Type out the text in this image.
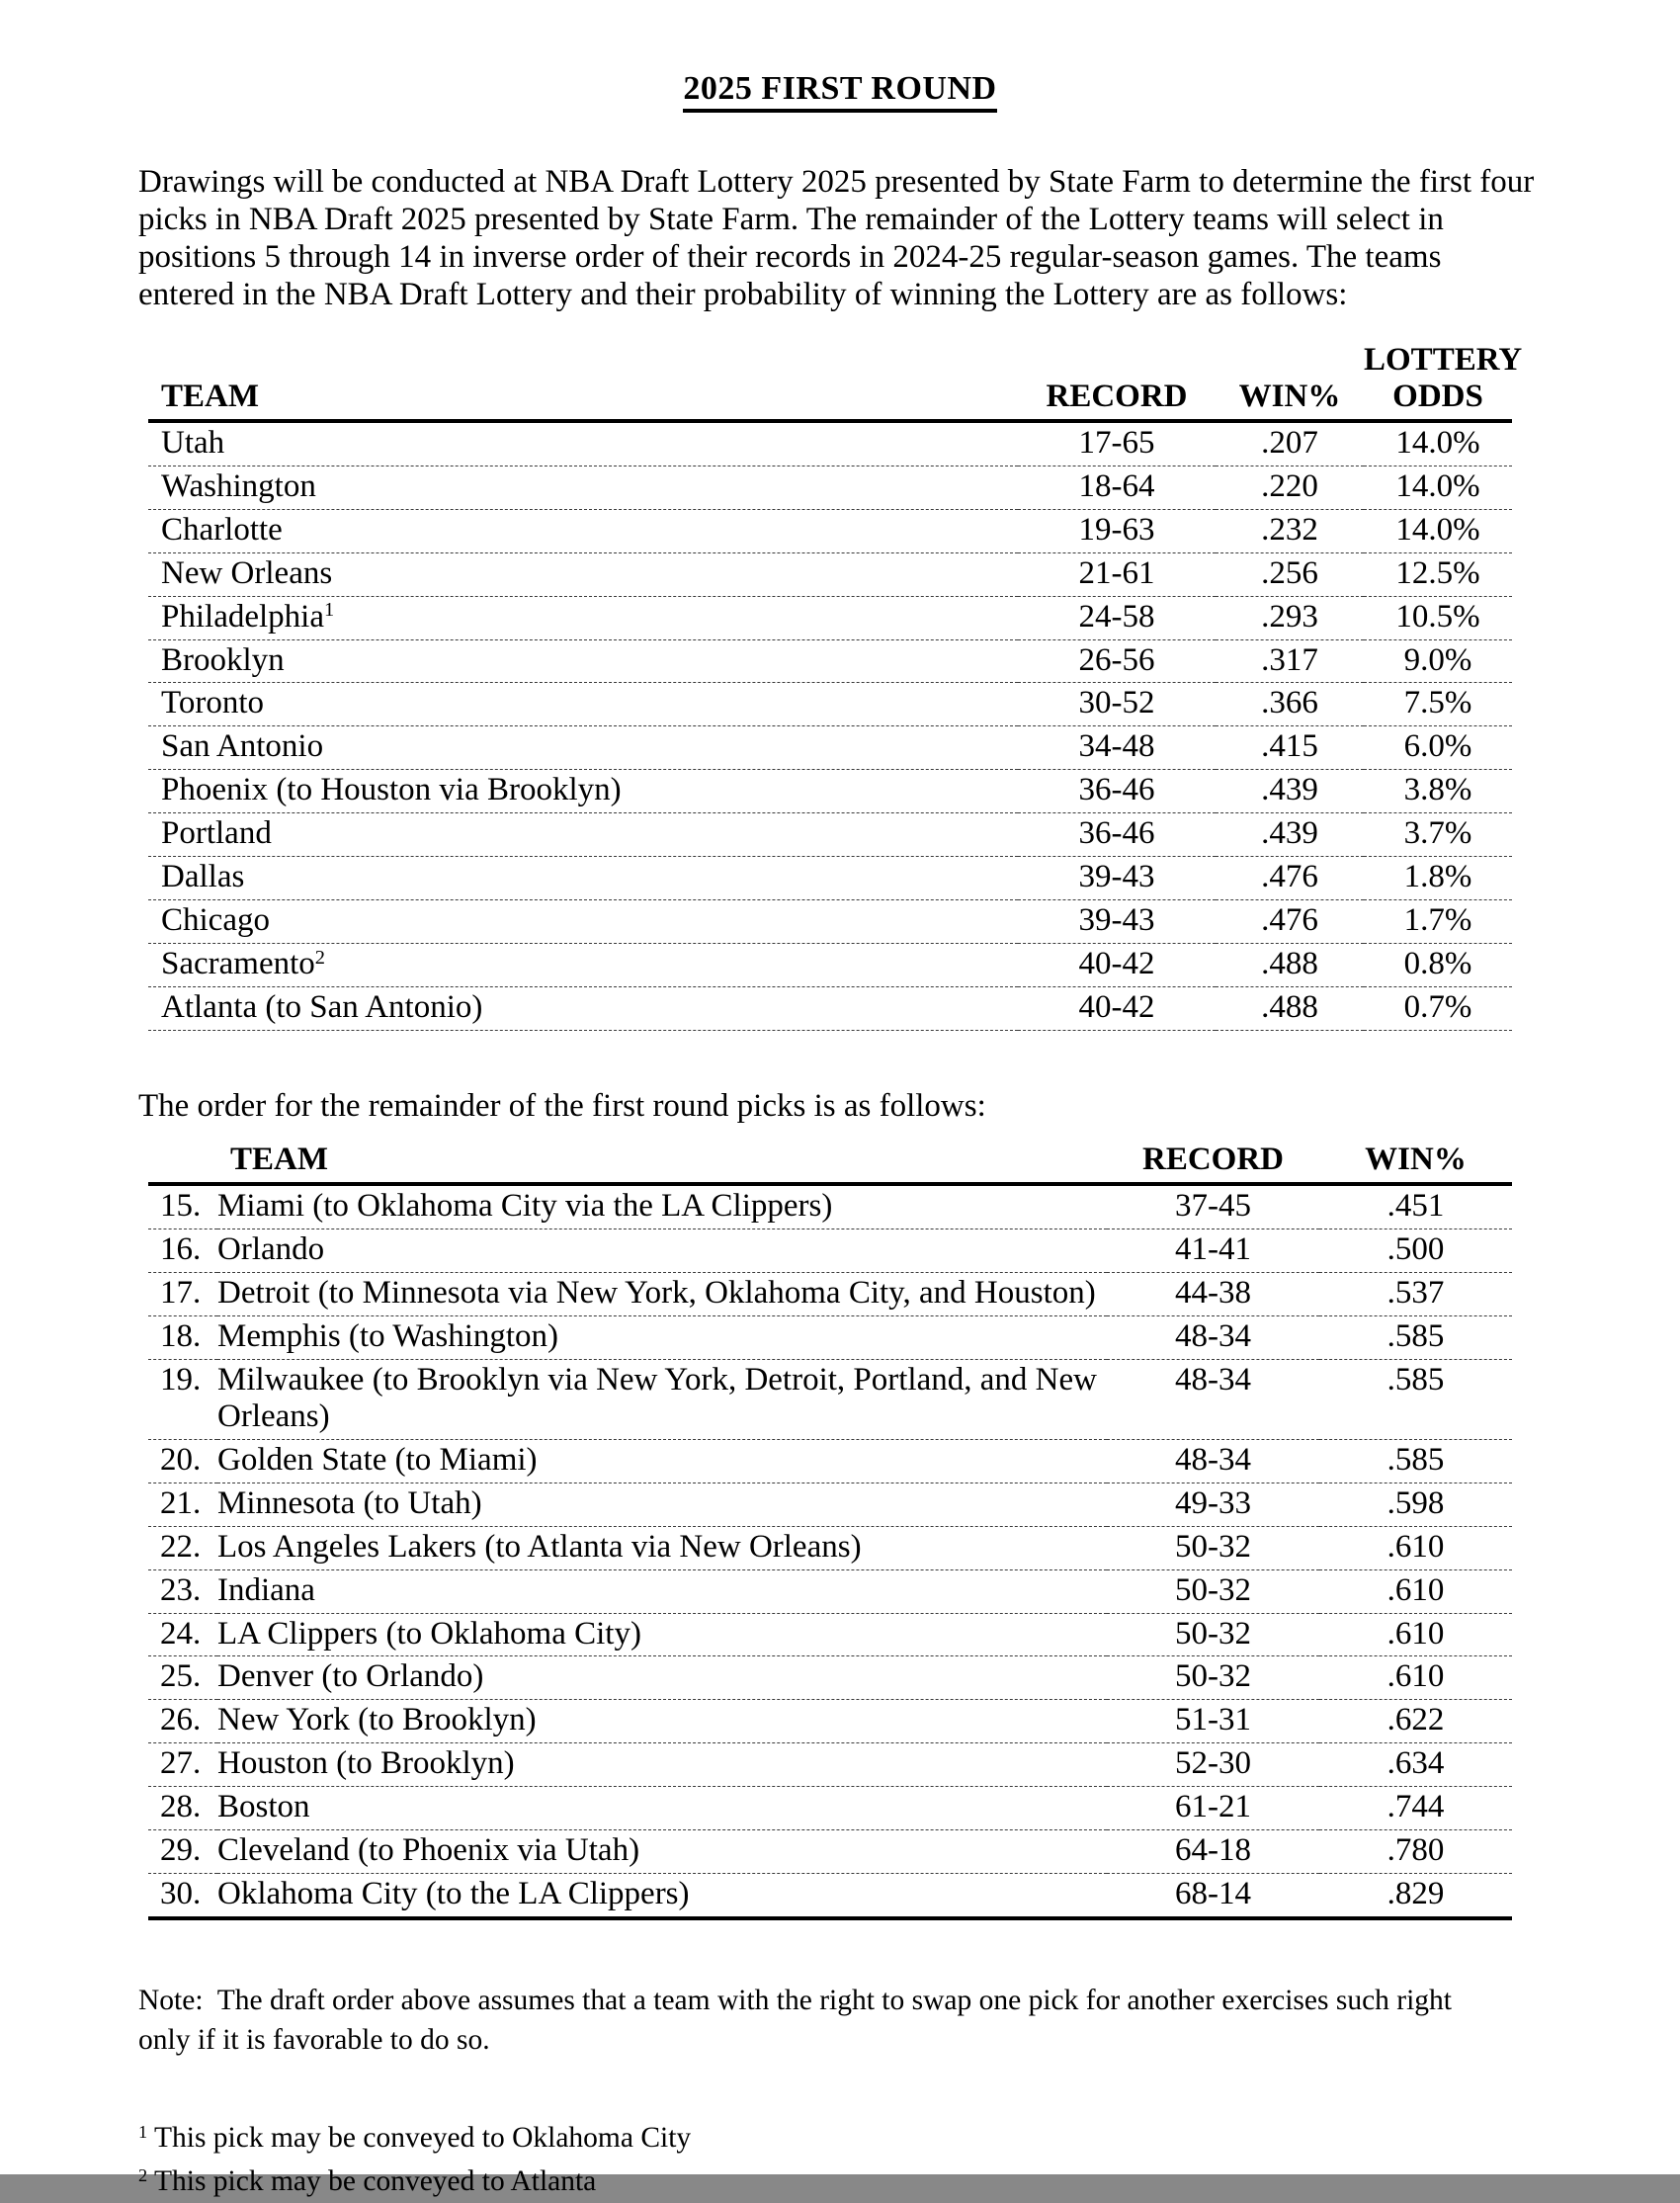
2025 FIRST ROUND

Drawings will be conducted at NBA Draft Lottery 2025 presented by State Farm to determine the first four picks in NBA Draft 2025 presented by State Farm. The remainder of the Lottery teams will select in positions 5 through 14 in inverse order of their records in 2024-25 regular-season games. The teams entered in the NBA Draft Lottery and their probability of winning the Lottery are as follows:

TEAM	RECORD	WIN%	LOTTERY
ODDS

Utah	17-65	.207	14.0%
Washington	18-64	.220	14.0%
Charlotte	19-63	.232	14.0%
New Orleans	21-61	.256	12.5%
Philadelphia$^1$	24-58	.293	10.5%
Brooklyn	26-56	.317	9.0%
Toronto	30-52	.366	7.5%
San Antonio	34-48	.415	6.0%
Phoenix (to Houston via Brooklyn)	36-46	.439	3.8%
Portland	36-46	.439	3.7%
Dallas	39-43	.476	1.8%
Chicago	39-43	.476	1.7%
Sacramento$^2$	40-42	.488	0.8%
Atlanta (to San Antonio)	40-42	.488	0.7%

The order for the remainder of the first round picks is as follows:

	TEAM	RECORD	WIN%
15.	Miami (to Oklahoma City via the LA Clippers)	37-45	.451
16.	Orlando	41-41	.500
17.	Detroit (to Minnesota via New York, Oklahoma City, and Houston)	44-38	.537
18.	Memphis (to Washington)	48-34	.585
19.	Milwaukee (to Brooklyn via New York, Detroit, Portland, and New Orleans)	48-34	.585
20.	Golden State (to Miami)	48-34	.585
21.	Minnesota (to Utah)	49-33	.598
22.	Los Angeles Lakers (to Atlanta via New Orleans)	50-32	.610
23.	Indiana	50-32	.610
24.	LA Clippers (to Oklahoma City)	50-32	.610
25.	Denver (to Orlando)	50-32	.610
26.	New York (to Brooklyn)	51-31	.622
27.	Houston (to Brooklyn)	52-30	.634
28.	Boston	61-21	.744
29.	Cleveland (to Phoenix via Utah)	64-18	.780
30.	Oklahoma City (to the LA Clippers)	68-14	.829

Note:  The draft order above assumes that a team with the right to swap one pick for another exercises such right only if it is favorable to do so.

$^1$ This pick may be conveyed to Oklahoma City

$^2$ This pick may be conveyed to Atlanta
